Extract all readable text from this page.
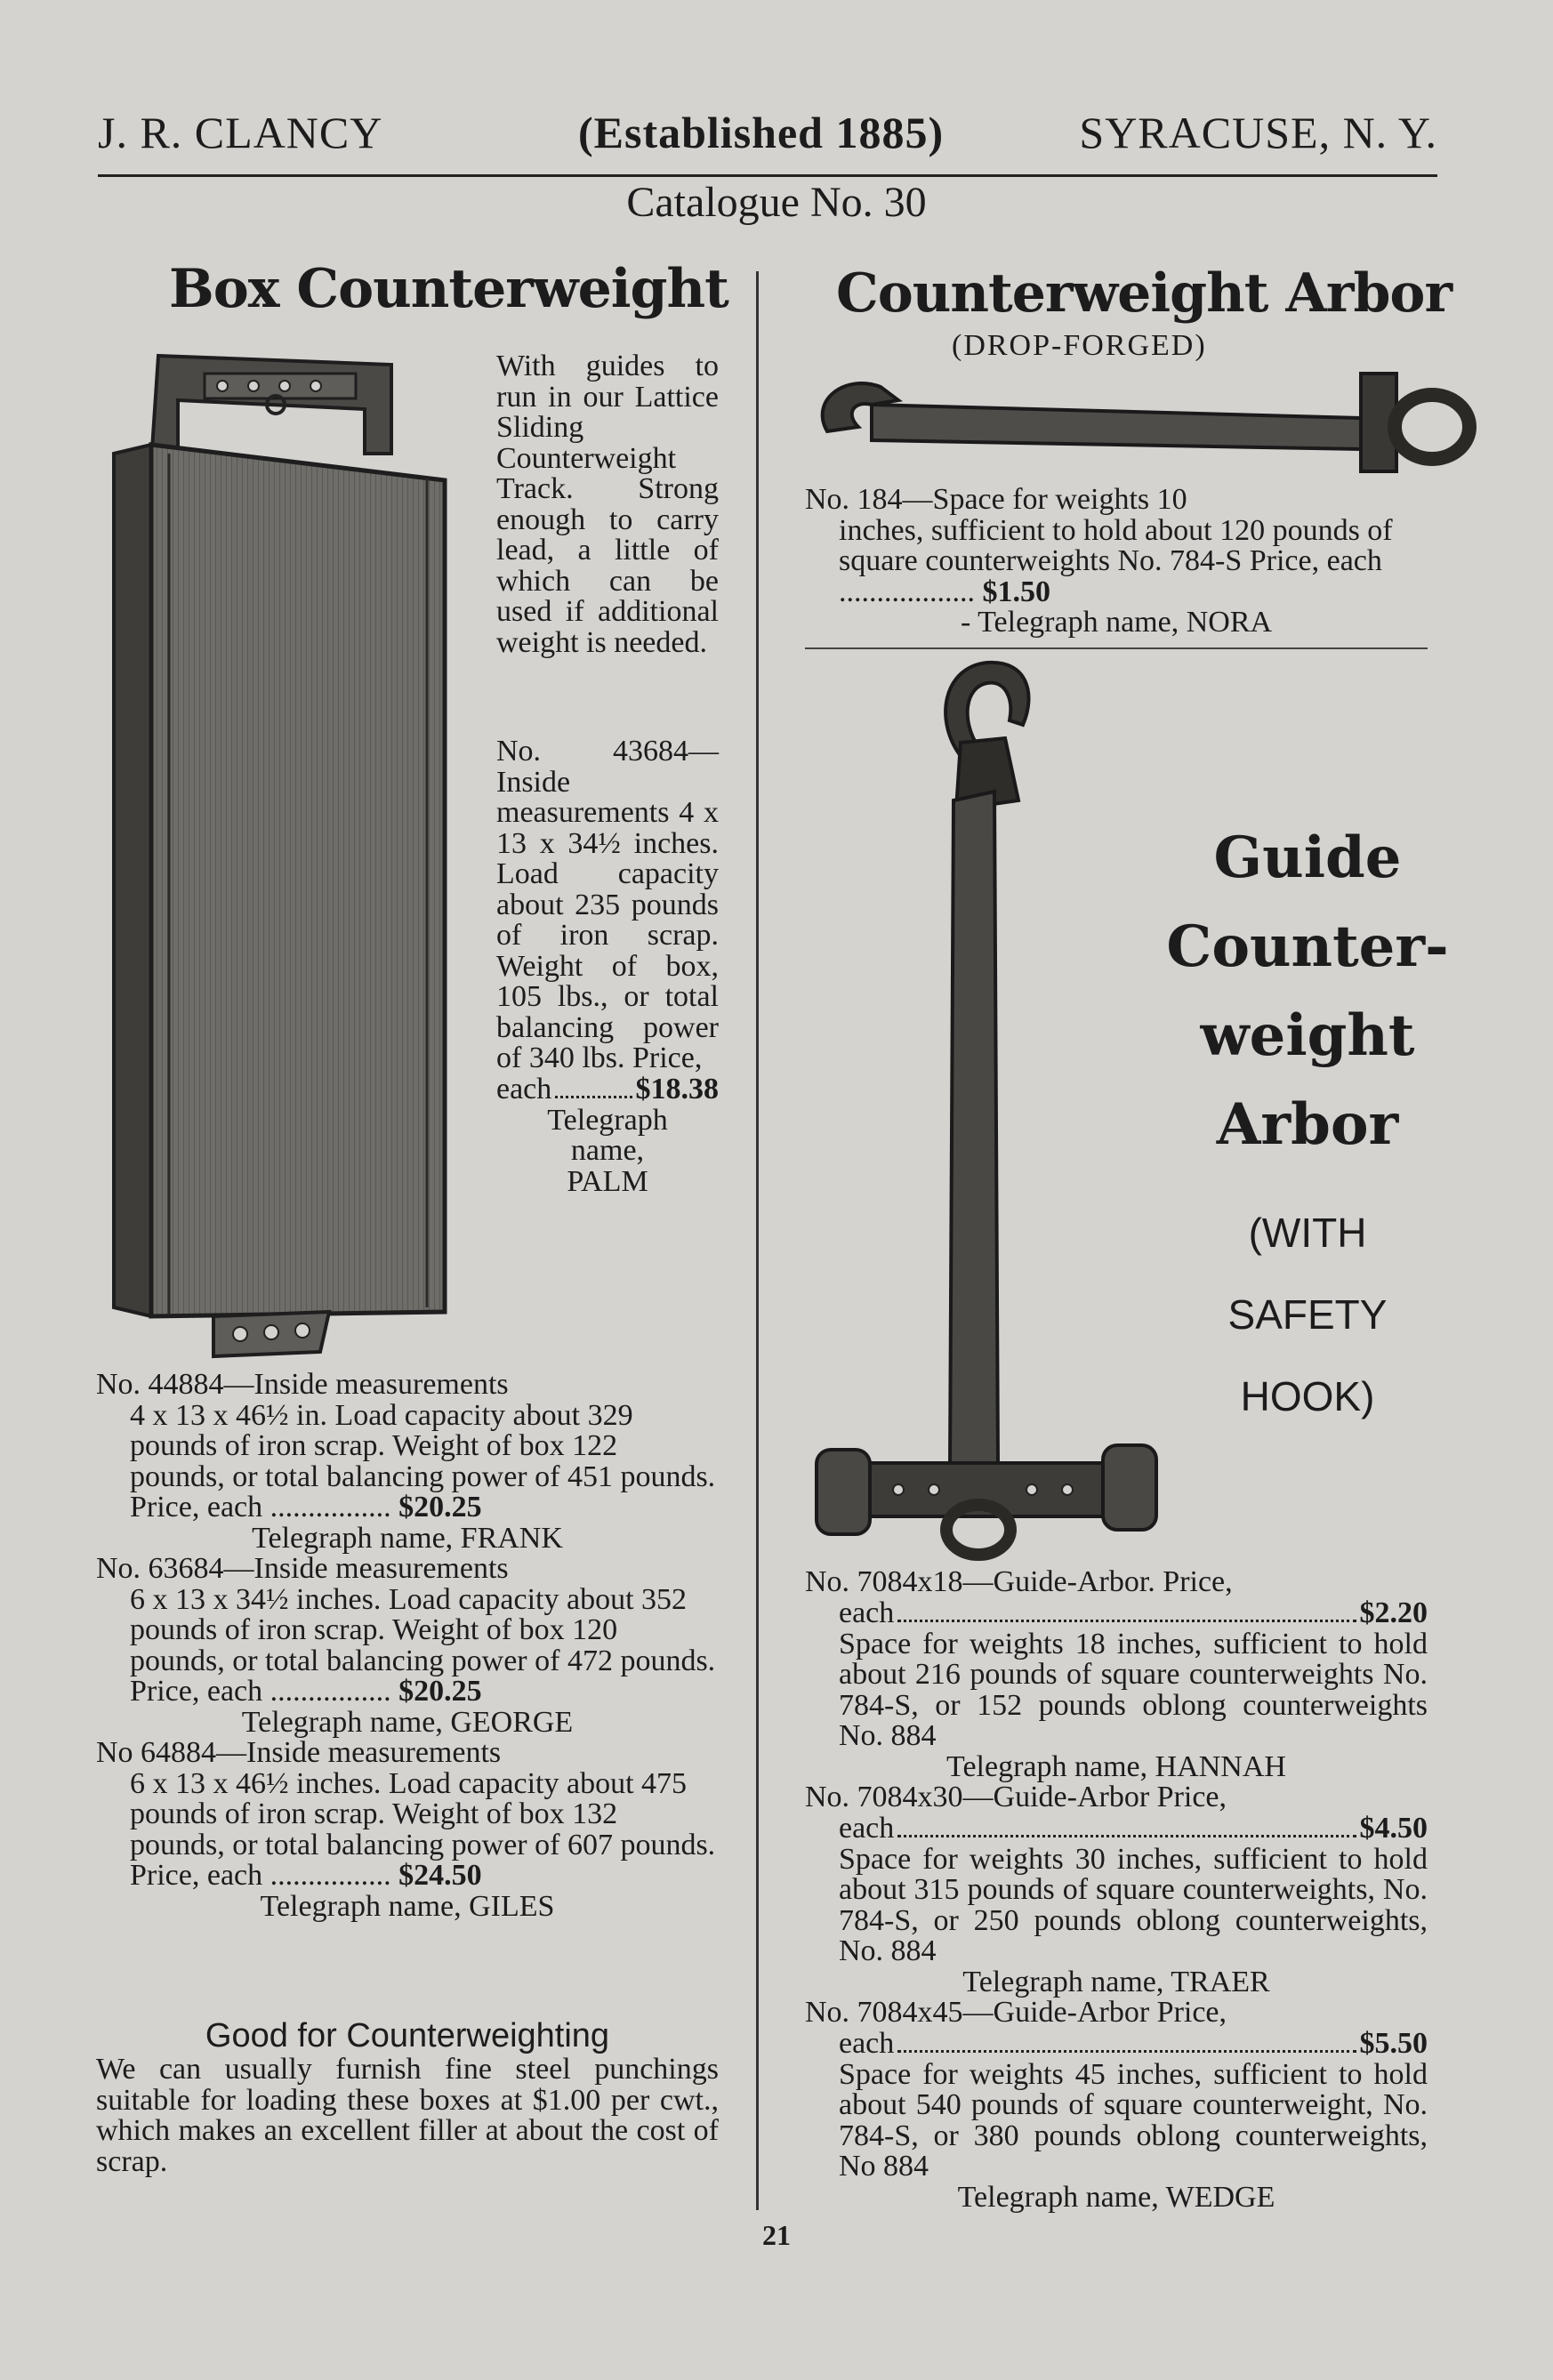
J. R. CLANCY	(Established 1885)	SYRACUSE, N. Y.
Catalogue No. 30
Box Counterweight
With guides to run in our Lattice Sliding Counterweight Track. Strong enough to carry lead, a little of which can be used if additional weight is needed.
No. 43684—Inside measurements 4 x 13 x 34½ inches. Load capacity about 235 pounds of iron scrap. Weight of box, 105 lbs., or total balancing power of 340 lbs. Price,
each	$18.38
Telegraph
name,
PALM

No. 44884—Inside measurements

4 x 13 x 46½ in. Load capacity about 329 pounds of iron scrap. Weight of box 122 pounds, or total balancing power of 451 pounds. Price, each ................ $20.25

Telegraph name, FRANK

No. 63684—Inside measurements

6 x 13 x 34½ inches. Load capacity about 352 pounds of iron scrap. Weight of box 120 pounds, or total balancing power of 472 pounds. Price, each ................ $20.25

Telegraph name, GEORGE

No 64884—Inside measurements

6 x 13 x 46½ inches. Load capacity about 475 pounds of iron scrap. Weight of box 132 pounds, or total balancing power of 607 pounds. Price, each ................ $24.50

Telegraph name, GILES

Good for Counterweighting
We can usually furnish fine steel punchings suitable for loading these boxes at $1.00 per cwt., which makes an excellent filler at about the cost of scrap.
Counterweight Arbor
(DROP-FORGED)
No. 184—Space for weights 10
inches, sufficient to hold about 120 pounds of square counterweights No. 784-S Price, each .................. $1.50
- Telegraph name, NORA
Guide
Counter-
weight
Arbor
(WITH
SAFETY
HOOK)
No. 7084x18—Guide-Arbor. Price,
each	$2.20
Space for weights 18 inches, sufficient to hold about 216 pounds of square counterweights No. 784-S, or 152 pounds oblong counterweights No. 884
Telegraph name, HANNAH
No. 7084x30—Guide-Arbor Price,
each	$4.50
Space for weights 30 inches, sufficient to hold about 315 pounds of square counterweights, No. 784-S, or 250 pounds oblong counterweights, No. 884
Telegraph name, TRAER
No. 7084x45—Guide-Arbor Price,
each	$5.50
Space for weights 45 inches, sufficient to hold about 540 pounds of square counterweight, No. 784-S, or 380 pounds oblong counterweights, No 884
Telegraph name, WEDGE
21
